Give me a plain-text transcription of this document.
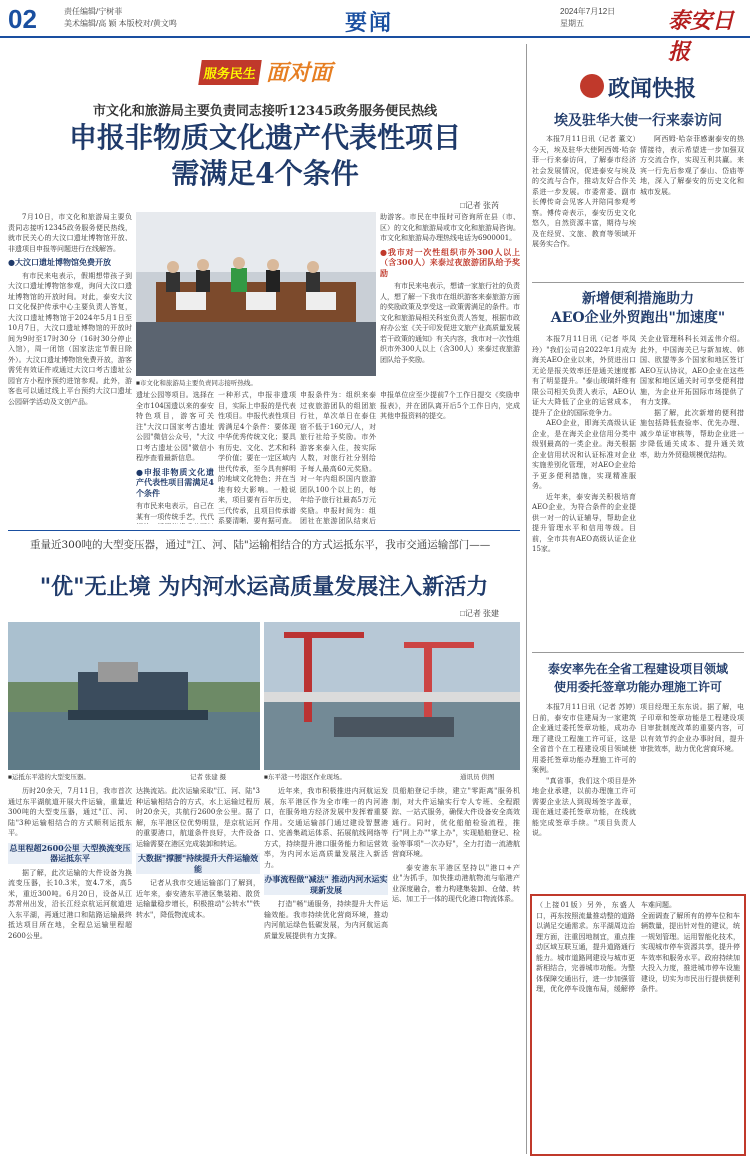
02	责任编辑/宁树菲
美术编辑/高 颖 本版校对/黄文鸣	要闻	2024年7月12日
星期五	泰安日报
服务民生 面对面
市文化和旅游局主要负责同志接听12345政务服务便民热线
申报非物质文化遗产代表性项目
需满足4个条件
□记者 张芮

7月10日，市文化和旅游局主要负责同志接听12345政务服务便民热线，就市民关心的大汶口遗址博物馆开放、非遗项目申报等问题进行在线解答。

●大汶口遗址博物馆免费开放

有市民来电表示，假期想带孩子到大汶口遗址博物馆参观，询问大汶口遗址博物馆的开放时间。对此，泰安大汶口文化保护传承中心主要负责人答复，大汶口遗址博物馆于2024年5月1日至10月7日，大汶口遗址博物馆的开放时间为9时至17时30分（16时30分停止入馆），周一闭馆（国家法定节假日除外）。大汶口遗址博物馆免费开放，游客需凭有效证件或通过大汶口考古遗址公园官方小程序预约进馆参观。此外，游客也可以通过线上平台预约大汶口遗址公园研学活动及文创产品。

■市文化和旅游局主要负责同志接听热线。

助游客。市民在申报时可咨询所在县（市、区）的文化和旅游局或市文化和旅游局咨询。市文化和旅游局办理热线电话为6900001。

●我市对一次性组织市外300人以上（含300人）来泰过夜旅游团队给予奖励

有市民来电表示，想请一家旅行社的负责人，想了解一下我市在组织游客来泰旅游方面的奖励政策及享受这一政策需满足的条件。市文化和旅游局相关科室负责人答复，根据市政府办公室《关于印发促进文旅产业高质量发展若干政策的通知》有关内容，我市对一次性组织市外300人以上（含300人）来泰过夜旅游团队给予奖励。

遗址公园等项目。选择在全市104国遗以来的泰安特色项目，游客可关注"大汶口国家考古遗址公园"微信公众号，"大汶口考古遗址公园"微信小程序查看最新信息。

●申报非物质文化遗产代表性项目需满足4个条件

有市民来电表示，自己在某有一项传统手艺，代代

一种形式，申报非遗项目，实际上申报的是代表性项目。申报代表性项目需满足4个条件：要体现中华优秀传统文化；要具有历史、文化、艺术和科学价值；要在一定区域内世代传承，至今具有鲜明的地域文化特色；并在当地有较大影响。一般说来，项目要有百年历史，三代传承，且项目传承谱系要清晰，要有据可查。

申报条件为：组织来泰过夜旅游团队的组团旅行社，单次单日在泰住宿不低于160元/人，对旅行社给予奖励。市外游客来泰入住，按实际人数，对旅行社分别给予每人最高60元奖励。对一年内组织国内旅游团队100个以上的，每年给予旅行社最高5万元奖励。申报时间为：组团社在旅游团队结束后

申报单位应至少提前7个工作日提交《奖励申报表》，并在团队离开后5个工作日内，完成其他申报资料的提交。

重量近300吨的大型变压器，通过"江、河、陆"运输相结合的方式运抵东平，我市交通运输部门——
"优"无止境 为内河水运高质量发展注入新活力
□记者 张建
■运抵东平港的大型变压器。	记者 张建 摄	■东平港一号港区作业现场。	通讯员 供图

历时20余天，7月11日，我市首次通过东平湖航道开展大件运输，重量近300吨的大型变压器，通过"江、河、陆"3种运输相结合的方式顺利运抵东平。

总里程超2600公里 大型换流变压器运抵东平

据了解，此次运输的大件设备为换流变压器，长10.3米，宽4.7米，高5米，重近300吨。6月20日，设备从江苏常州出发，沿长江经京杭运河航道进入东平湖，再通过港口和陆路运输最终抵达项目所在地，全程总运输里程超2600公里。

达换流站。此次运输采取"江、河、陆"3种运输相结合的方式，水上运输过程历时20余天，共航行2600余公里。据了解，东平港区位优势明显，是京杭运河的重要港口，航道条件良好，大件设备运输需要在港区完成装卸和转运。

大数据"撑腰"持续提升大件运输效能

记者从我市交通运输部门了解到，近年来，泰安港东平港区集装箱、散货运输量稳步增长，积极推动"公转水""铁转水"，降低物流成本。

近年来，我市积极推进内河航运发展，东平港区作为全市唯一的内河港口，在服务地方经济发展中发挥着重要作用。交通运输部门通过建设智慧港口、完善集疏运体系、拓展航线网络等方式，持续提升港口服务能力和运营效率，为内河水运高质量发展注入新活力。

办事流程做"减法" 推动内河水运实现新发展

打造"畅"通服务，持续提升大件运输效能。我市持续优化营商环境，推动内河航运绿色低碳发展，为内河航运高质量发展提供有力支撑。

员船舶登记手续，建立"零距离"服务机制，对大件运输实行专人专班、全程跟踪、一站式服务，确保大件设备安全高效通行。同时，优化船舶检验流程，推行"网上办""掌上办"，实现船舶登记、检验等事项"一次办好"，全力打造一流港航营商环境。

泰安港东平港区坚持以"港口+产业"为抓手，加快推动港航物流与临港产业深度融合，着力构建集装卸、仓储、转运、加工于一体的现代化港口物流体系。

政闻快报
埃及驻华大使一行来泰访问

本报7月11日讯（记者 董文）今天，埃及驻华大使阿西姆·哈奈菲一行来泰访问，了解泰市经济社会发展情况，促进泰安与埃及的交流与合作，推动友好合作关系进一步发展。市委常委、副市长傅传奇会见客人并陪同参观考察。傅传奇表示，泰安历史文化悠久，自然资源丰富，期待与埃及在经贸、文旅、教育等领域开展务实合作。

阿西姆·哈奈菲感谢泰安的热情接待，表示希望进一步加强双方交流合作，实现互利共赢。来宾一行先后参观了泰山、岱庙等地，深入了解泰安的历史文化和城市发展。

新增便利措施助力
AEO企业外贸跑出"加速度"

本报7月11日讯（记者 毕凤玲）"我们公司自2022年1月成为海关AEO企业以来，外贸进出口无论是报关效率还是通关速度都有了明显提升。"泰山玻璃纤维有限公司相关负责人表示，AEO认证大大降低了企业的运营成本，提升了企业的国际竞争力。

AEO企业，即海关高级认证企业，是在海关企业信用分类中级别最高的一类企业。海关根据企业信用状况和认证标准对企业实施差别化管理，对AEO企业给予更多便利措施，实现精准服务。

近年来，泰安海关积极培育AEO企业，为符合条件的企业提供一对一的认证辅导，帮助企业提升管理水平和信用等级。目前，全市共有AEO高级认证企业15家。

关企业管理科科长刘孟伟介绍。此外，中国海关已与新加坡、韩国、欧盟等多个国家和地区签订AEO互认协议，AEO企业在这些国家和地区通关时可享受便利措施，为企业开拓国际市场提供了有力支撑。

据了解，此次新增的便利措施包括降低查验率、优先办理、减少单证审核等，帮助企业进一步降低通关成本、提升通关效率，助力外贸稳规模优结构。

泰安率先在全省工程建设项目领域
使用委托签章功能办理施工许可

本报7月11日讯（记者 苏婷）日前，泰安市住建局为一家建筑企业通过委托签章功能，成功办理了建设工程施工许可证，这是全省首个在工程建设项目领域使用委托签章功能办理施工许可的案例。

"真省事，我们这个项目是外地企业承建，以前办理施工许可需要企业法人到现场签字盖章，现在通过委托签章功能，在线就能完成签章手续。"项目负责人说。

项目经理王东东说。据了解，电子印章和签章功能是工程建设项目审批制度改革的重要内容，可以有效节约企业办事时间，提升审批效率，助力优化营商环境。

（上接01版）另外，东盛人口，再东按照流量推动整的道路以满足交通需求。东平湖周边治理方面，注重因地制宜，重点推动区域互联互通，提升道路通行能力。城市道路网建设与城市更新相结合，完善城市功能。为整体保障交通出行，进一步加强管理，优化停车设施布局，缓解停车难问题。
全面调查了解所有的停车位和车辆数量，提出针对性的建议，统一规划管理。运用智能化技术，实现城市停车资源共享，提升停车效率和服务水平。政府持续加大投入力度，推进城市停车设施建设，切实为市民出行提供便利条件。
